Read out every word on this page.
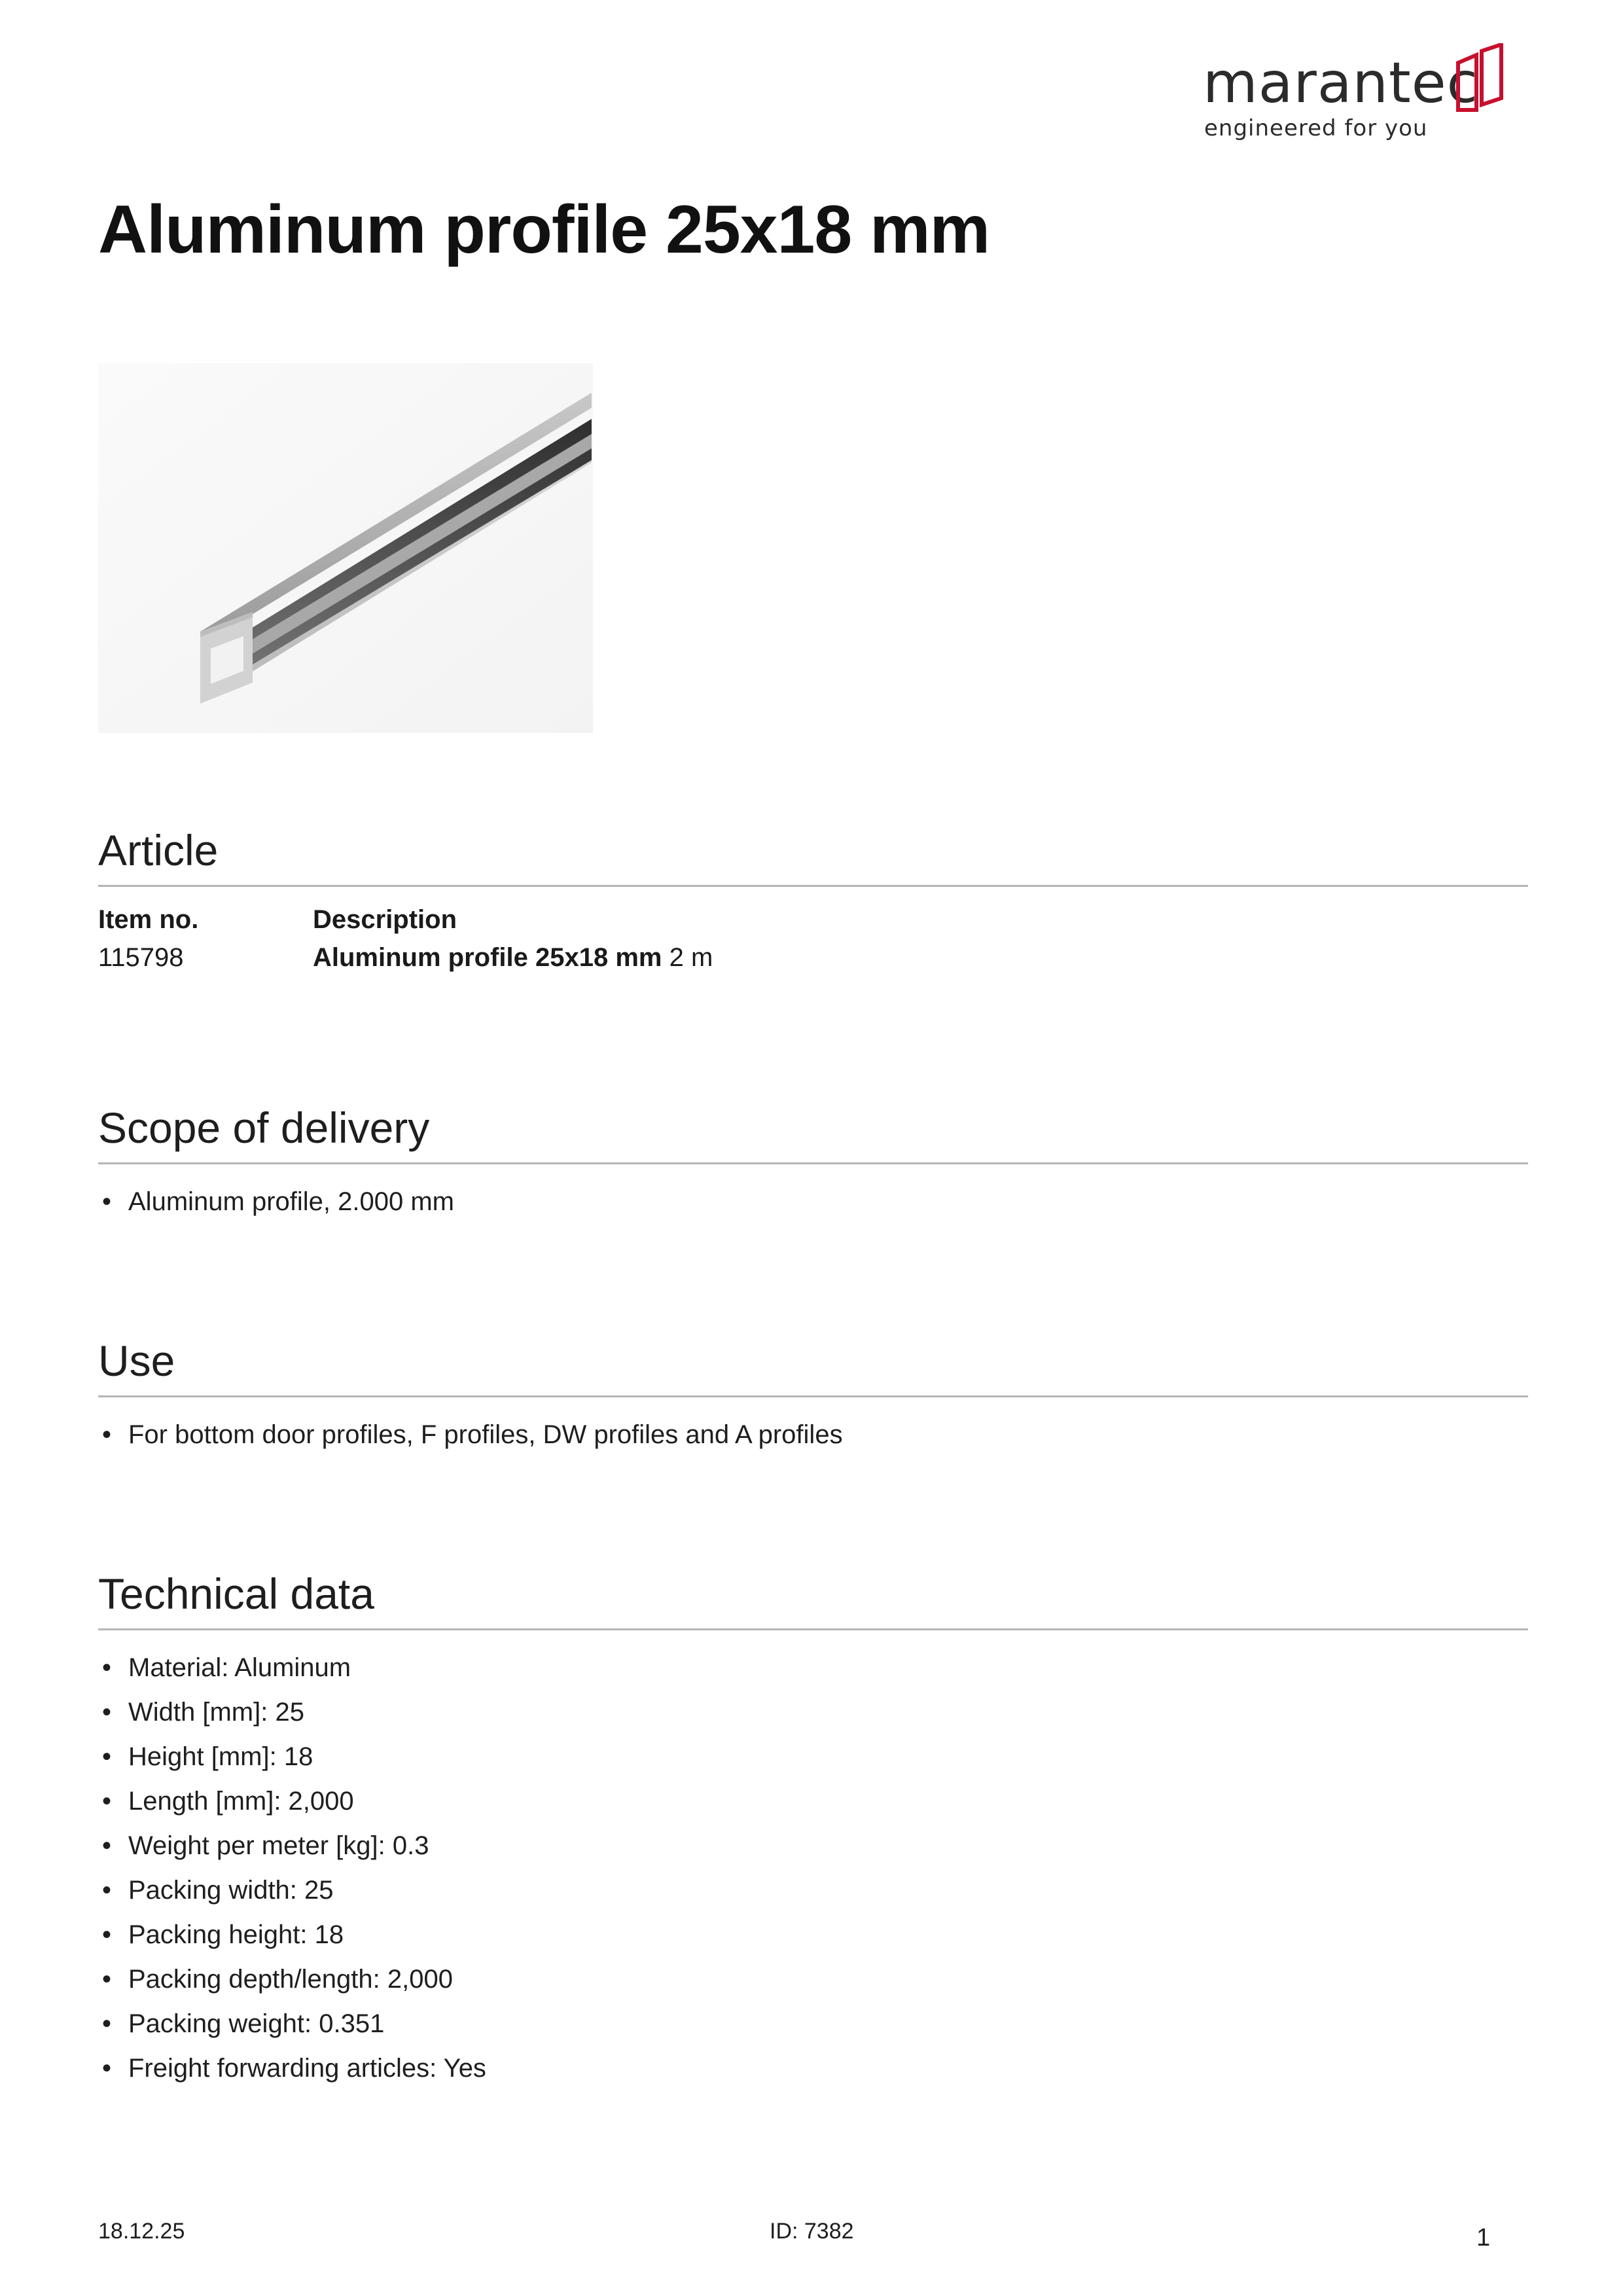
marantec
engineered for you
Aluminum profile 25x18 mm
Article
Item no.	Description
115798	Aluminum profile 25x18 mm 2 m
Scope of delivery
• Aluminum profile, 2.000 mm
Use
• For bottom door profiles, F profiles, DW profiles and A profiles
Technical data
• Material: Aluminum
• Width [mm]: 25
• Height [mm]: 18
• Length [mm]: 2,000
• Weight per meter [kg]: 0.3
• Packing width: 25
• Packing height: 18
• Packing depth/length: 2,000
• Packing weight: 0.351
• Freight forwarding articles: Yes
18.12.25	ID: 7382	1
